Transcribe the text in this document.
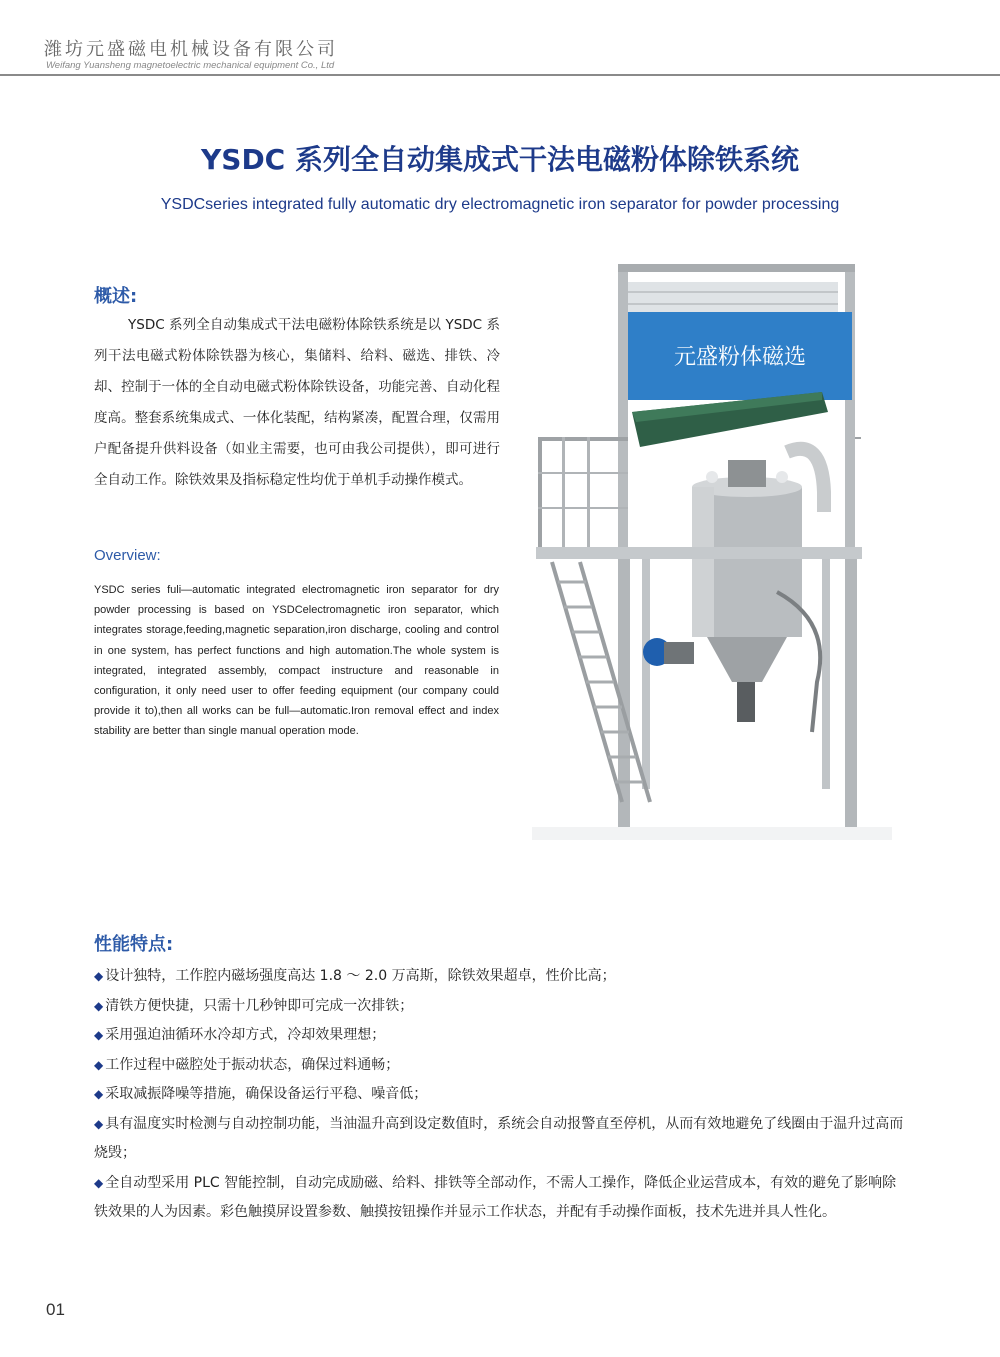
潍坊元盛磁电机械设备有限公司
Weifang Yuansheng magnetoelectric mechanical equipment Co., Ltd
YSDC 系列全自动集成式干法电磁粉体除铁系统
YSDCseries integrated fully automatic dry electromagnetic iron separator for powder processing
概述:
YSDC 系列全自动集成式干法电磁粉体除铁系统是以 YSDC 系列干法电磁式粉体除铁器为核心，集储料、给料、磁选、排铁、冷却、控制于一体的全自动电磁式粉体除铁设备，功能完善、自动化程度高。整套系统集成式、一体化装配，结构紧凑，配置合理，仅需用户配备提升供料设备（如业主需要，也可由我公司提供），即可进行全自动工作。除铁效果及指标稳定性均优于单机手动操作模式。
Overview:
YSDC series fuli—automatic integrated electromagnetic iron separator for dry powder processing is based on YSDCelectromagnetic iron separator, which integrates storage,feeding,magnetic separation,iron discharge, cooling and control in one system, has perfect functions and high automation.The whole system is integrated, integrated assembly, compact instructure and reasonable in configuration, it only need user to offer feeding equipment (our company could provide it to),then all works can be full—automatic.Iron removal effect and index stability are better than single manual operation mode.
元盛粉体磁选
性能特点:
◆ 设计独特，工作腔内磁场强度高达 1.8 ～ 2.0 万高斯，除铁效果超卓，性价比高；
◆ 清铁方便快捷，只需十几秒钟即可完成一次排铁；
◆ 采用强迫油循环水冷却方式，冷却效果理想；
◆ 工作过程中磁腔处于振动状态，确保过料通畅；
◆ 采取减振降噪等措施，确保设备运行平稳、噪音低；
◆ 具有温度实时检测与自动控制功能，当油温升高到设定数值时，系统会自动报警直至停机，从而有效地避免了线圈由于温升过高而烧毁；
◆ 全自动型采用 PLC 智能控制，自动完成励磁、给料、排铁等全部动作，不需人工操作，降低企业运营成本，有效的避免了影响除铁效果的人为因素。彩色触摸屏设置参数、触摸按钮操作并显示工作状态，并配有手动操作面板，技术先进并具人性化。
01
